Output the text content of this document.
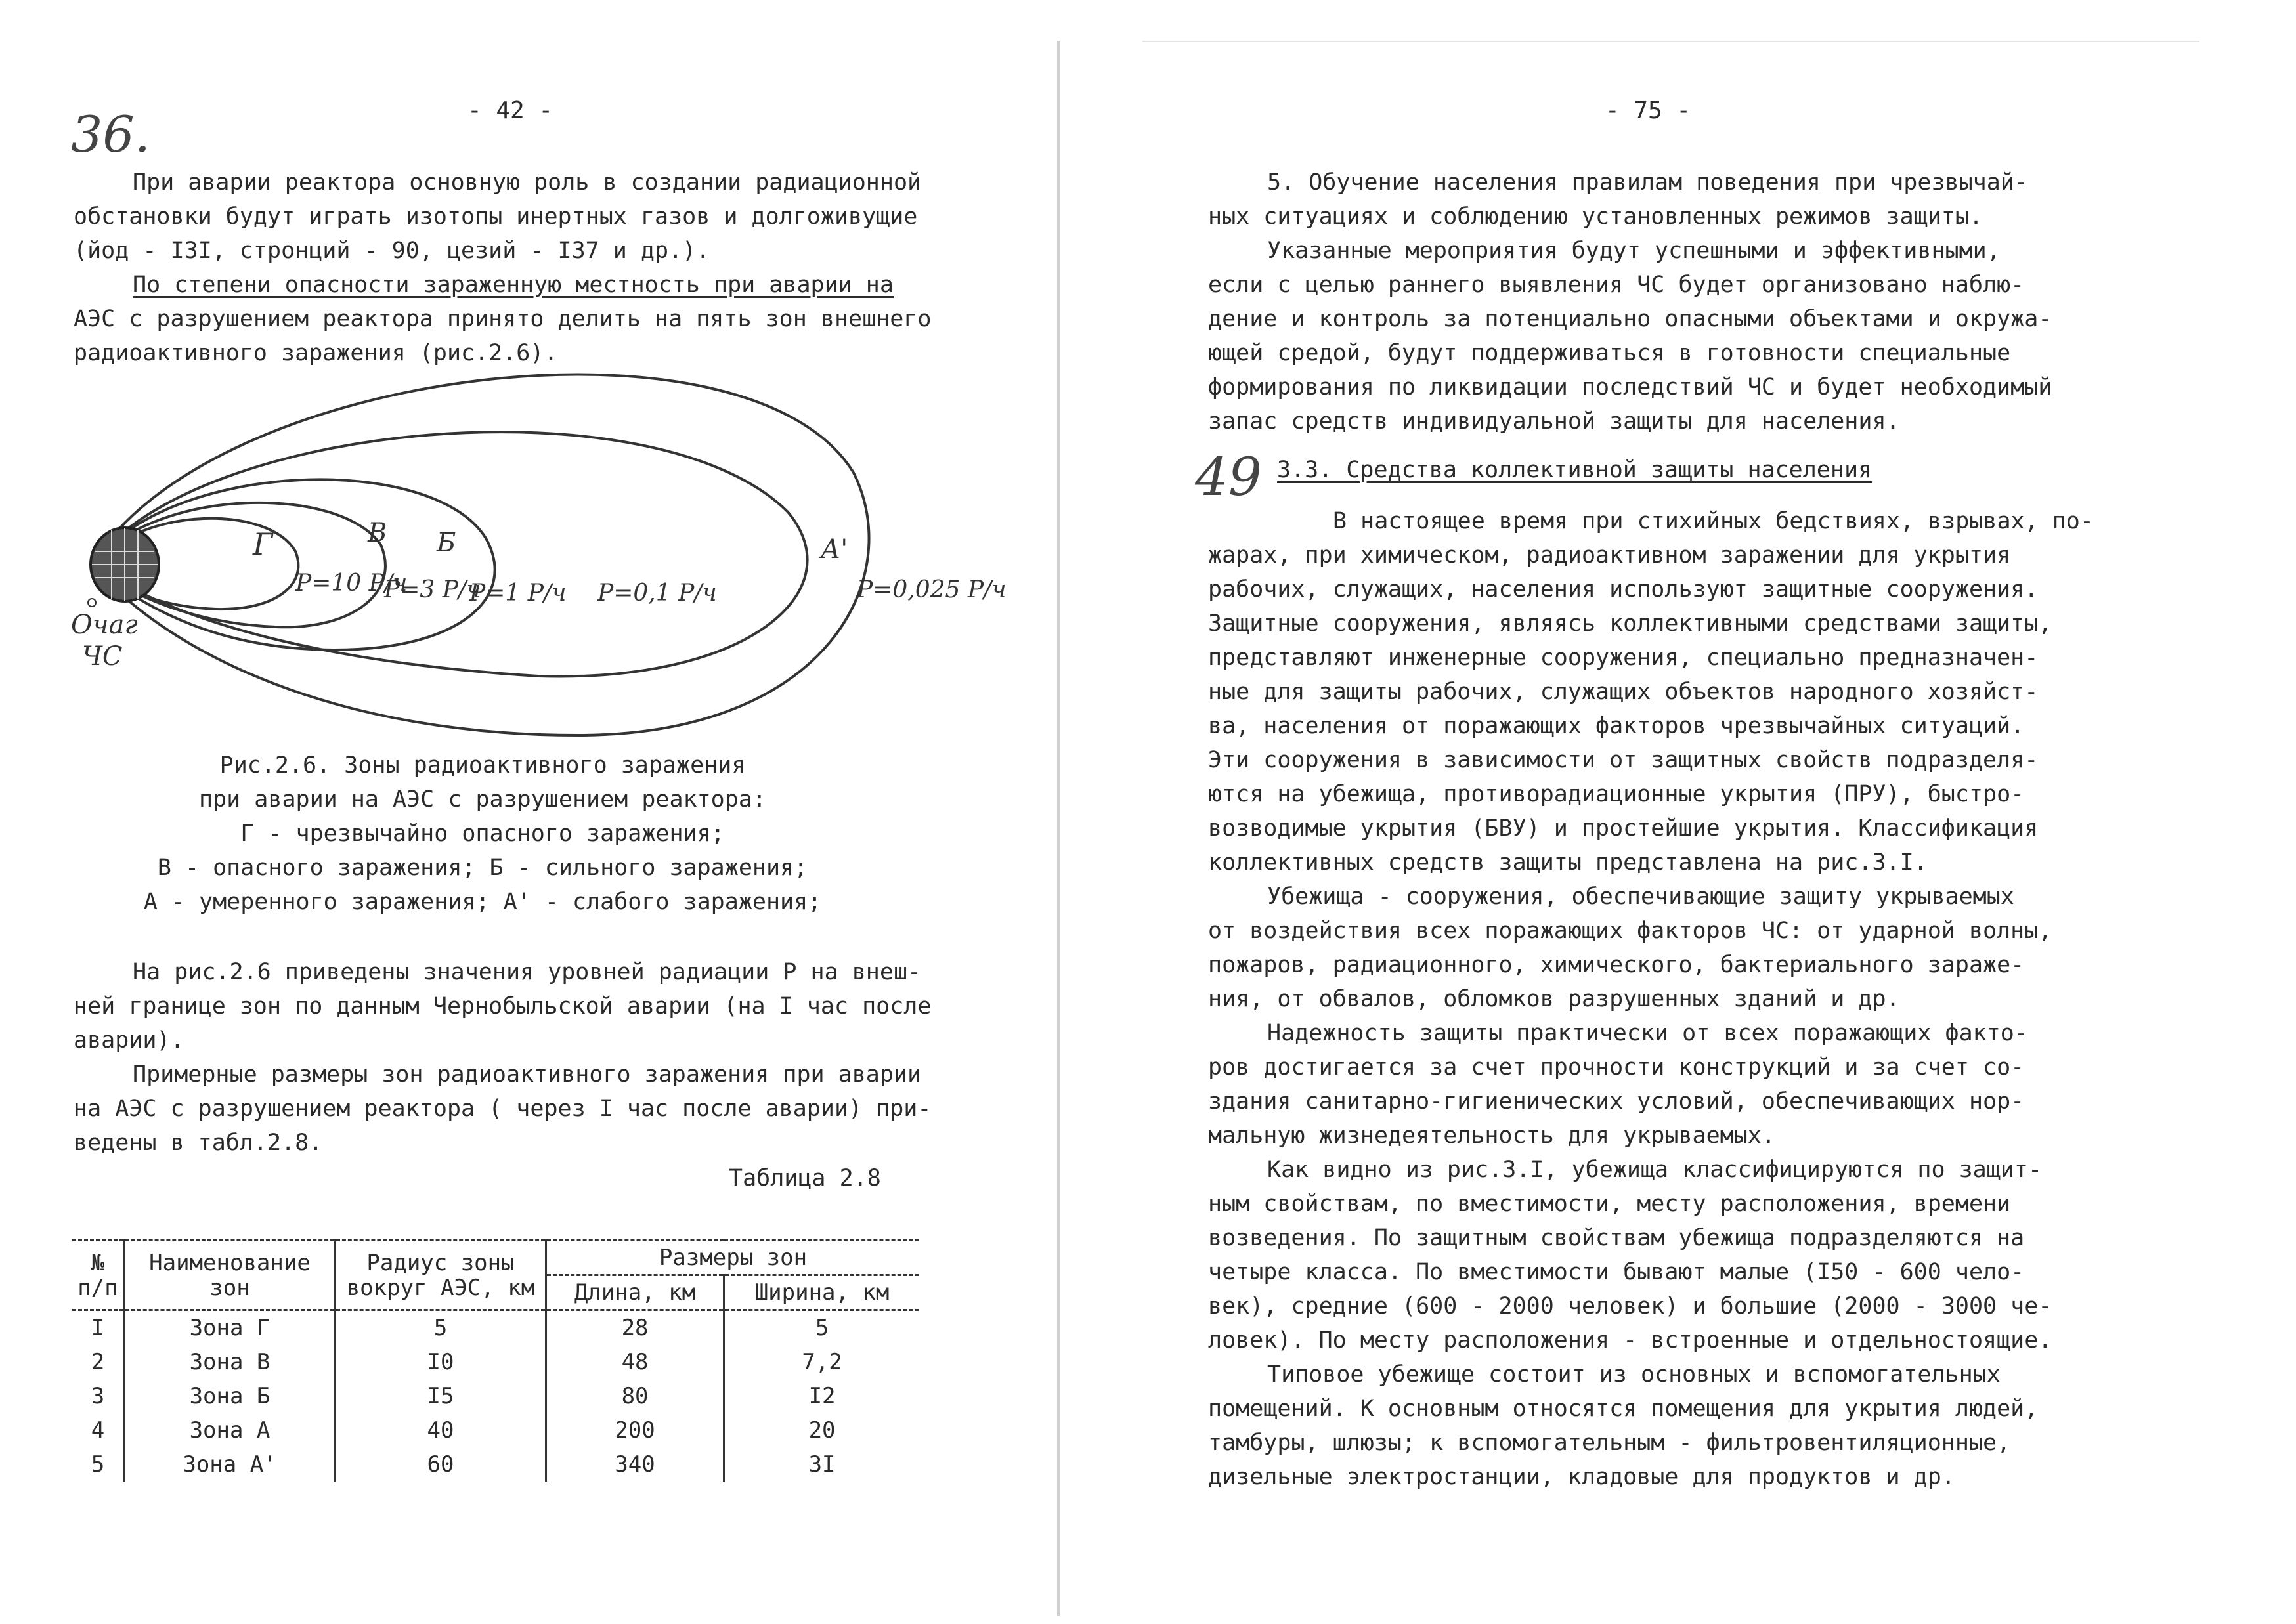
36.	- 42 -
При аварии реактора основную роль в создании радиационной
обстановки будут играть изотопы инертных газов и долгоживущие
(йод - I3I, стронций - 90, цезий - I37 и др.).
По степени опасности зараженную местность при аварии на
АЭС с разрушением реактора принято делить на пять зон внешнего
радиоактивного заражения (рис.2.6).
Г	В Б	А'
Р=10 Р/ч
Р=3 Р/ч
Р=1 Р/ч Р=0,1 Р/ч	Р=0,025 Р/ч
Очаг
ЧС
Рис.2.6. Зоны радиоактивного заражения
при аварии на АЭС с разрушением реактора:
Г - чрезвычайно опасного заражения;
В - опасного заражения; Б - сильного заражения;
А - умеренного заражения; А' - слабого заражения;
На рис.2.6 приведены значения уровней радиации Р на внеш-
ней границе зон по данным Чернобыльской аварии (на I час после
аварии).
Примерные размеры зон радиоактивного заражения при аварии
на АЭС с разрушением реактора ( через I час после аварии) при-
ведены в табл.2.8.
Таблица 2.8
№ п/п	Наименование зон	Радиус зоны вокруг АЭС, км	Размеры зон	
			Длина, км	Ширина, км
I	Зона Г	5	28	5
2	Зона В	I0	48	7,2
3	Зона Б	I5	80	I2
4	Зона А	40	200	20
5	Зона А'	60	340	3I
- 75 -
5. Обучение населения правилам поведения при чрезвычай-
ных ситуациях и соблюдению установленных режимов защиты.
Указанные мероприятия будут успешными и эффективными,
если с целью раннего выявления ЧС будет организовано наблю-
дение и контроль за потенциально опасными объектами и окружа-
ющей средой, будут поддерживаться в готовности специальные
формирования по ликвидации последствий ЧС и будет необходимый
запас средств индивидуальной защиты для населения.
49 3.3. Средства коллективной защиты населения
В настоящее время при стихийных бедствиях, взрывах, по-
жарах, при химическом, радиоактивном заражении для укрытия
рабочих, служащих, населения используют защитные сооружения.
Защитные сооружения, являясь коллективными средствами защиты,
представляют инженерные сооружения, специально предназначен-
ные для защиты рабочих, служащих объектов народного хозяйст-
ва, населения от поражающих факторов чрезвычайных ситуаций.
Эти сооружения в зависимости от защитных свойств подразделя-
ются на убежища, противорадиационные укрытия (ПРУ), быстро-
возводимые укрытия (БВУ) и простейшие укрытия. Классификация
коллективных средств защиты представлена на рис.3.I.
Убежища - сооружения, обеспечивающие защиту укрываемых
от воздействия всех поражающих факторов ЧС: от ударной волны,
пожаров, радиационного, химического, бактериального зараже-
ния, от обвалов, обломков разрушенных зданий и др.
Надежность защиты практически от всех поражающих факто-
ров достигается за счет прочности конструкций и за счет со-
здания санитарно-гигиенических условий, обеспечивающих нор-
мальную жизнедеятельность для укрываемых.
Как видно из рис.3.I, убежища классифицируются по защит-
ным свойствам, по вместимости, месту расположения, времени
возведения. По защитным свойствам убежища подразделяются на
четыре класса. По вместимости бывают малые (I50 - 600 чело-
век), средние (600 - 2000 человек) и большие (2000 - 3000 че-
ловек). По месту расположения - встроенные и отдельностоящие.
Типовое убежище состоит из основных и вспомогательных
помещений. К основным относятся помещения для укрытия людей,
тамбуры, шлюзы; к вспомогательным - фильтровентиляционные,
дизельные электростанции, кладовые для продуктов и др.
